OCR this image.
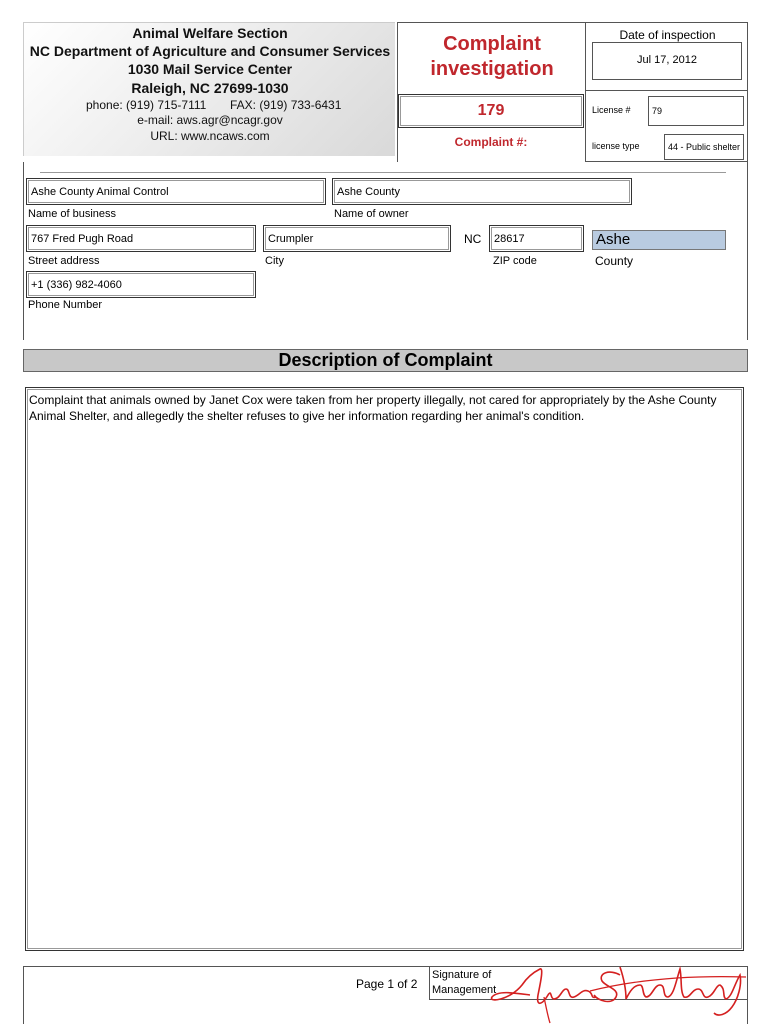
Animal Welfare Section
NC Department of Agriculture and Consumer Services
1030 Mail Service Center
Raleigh, NC 27699-1030
phone: (919) 715-7111 FAX: (919) 733-6431
e-mail: aws.agr@ncagr.gov
URL: www.ncaws.com
Complaint
investigation
179
Complaint #:
Date of inspection
Jul 17, 2012
License # 79
license type	44 - Public shelter
Ashe County Animal Control
Name of business
Ashe County
Name of owner
767 Fred Pugh Road
Street address
Crumpler
City
NC 28617
ZIP code
Ashe
County
+1 (336) 982-4060
Phone Number
Description of Complaint
Complaint that animals owned by Janet Cox were taken from her property illegally, not cared for appropriately by the Ashe County Animal Shelter, and allegedly the shelter refuses to give her information regarding her animal's condition.
Page 1 of 2
Signature of
Management
